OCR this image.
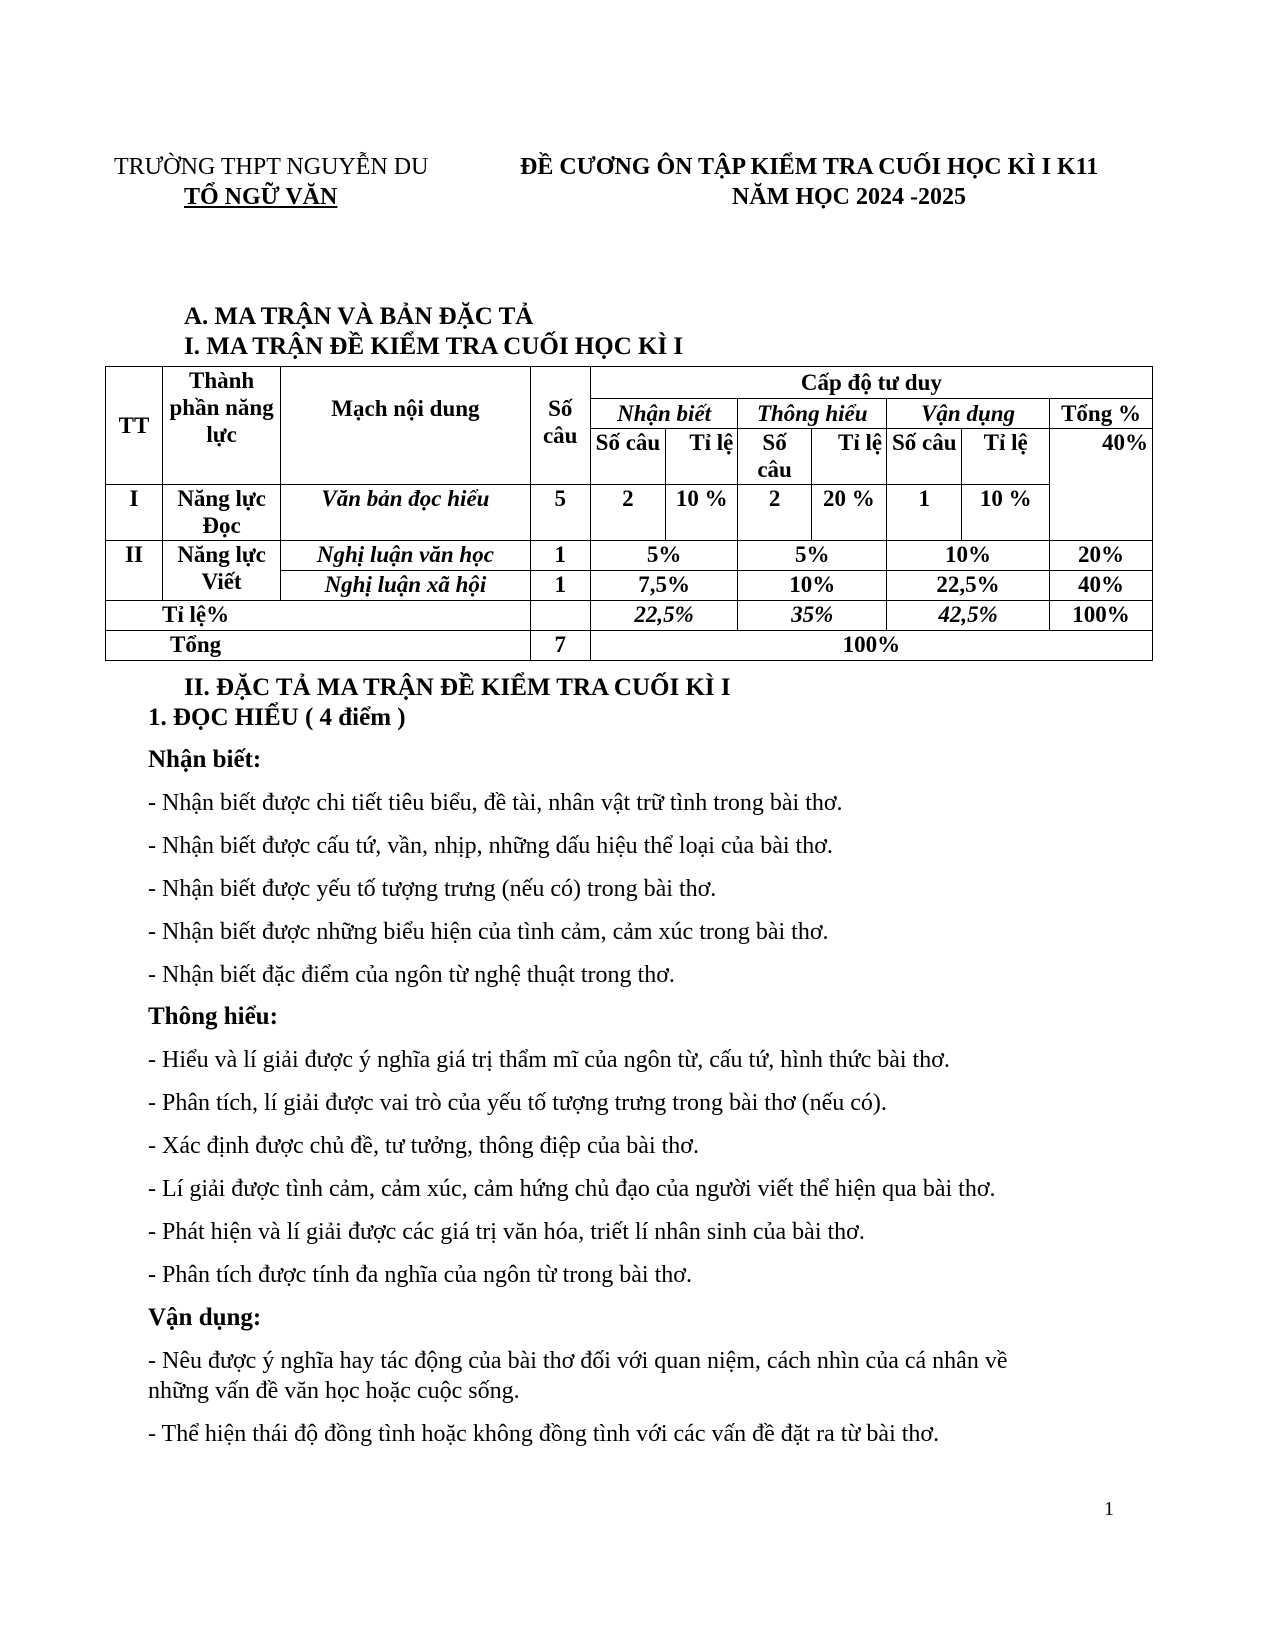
TRƯỜNG THPT NGUYỄN DU
TỔ NGỮ VĂN
ĐỀ CƯƠNG ÔN TẬP KIỂM TRA CUỐI HỌC KÌ I K11
NĂM HỌC 2024 -2025
A. MA TRẬN VÀ BẢN ĐẶC TẢ
I. MA TRẬN ĐỀ KIỂM TRA CUỐI HỌC KÌ I
TT	Thành phần năng lực	Mạch nội dung	Số câu	Cấp độ tư duy						
				Nhận biết		Thông hiểu		Vận dụng		Tổng %
				Số câu	Tỉ lệ	Số câu	Tỉ lệ	Số câu	Tỉ lệ	40%
I	Năng lực Đọc	Văn bản đọc hiểu	5	2	10 %	2	20 %	1	10 %	
II	Năng lực Viết	Nghị luận văn học	1	5%		5%		10%		20%
		Nghị luận xã hội	1	7,5%		10%		22,5%		40%
Tỉ lệ%				22,5%		35%		42,5%		100%
Tổng			7	100%						
II. ĐẶC TẢ MA TRẬN ĐỀ KIỂM TRA CUỐI KÌ I
1. ĐỌC HIỂU ( 4 điểm )
Nhận biết:
- Nhận biết được chi tiết tiêu biểu, đề tài, nhân vật trữ tình trong bài thơ.
- Nhận biết được cấu tứ, vần, nhịp, những dấu hiệu thể loại của bài thơ.
- Nhận biết được yếu tố tượng trưng (nếu có) trong bài thơ.
- Nhận biết được những biểu hiện của tình cảm, cảm xúc trong bài thơ.
- Nhận biết đặc điểm của ngôn từ nghệ thuật trong thơ.
Thông hiểu:
- Hiểu và lí giải được ý nghĩa giá trị thẩm mĩ của ngôn từ, cấu tứ, hình thức bài thơ.
- Phân tích, lí giải được vai trò của yếu tố tượng trưng trong bài thơ (nếu có).
- Xác định được chủ đề, tư tưởng, thông điệp của bài thơ.
- Lí giải được tình cảm, cảm xúc, cảm hứng chủ đạo của người viết thể hiện qua bài thơ.
- Phát hiện và lí giải được các giá trị văn hóa, triết lí nhân sinh của bài thơ.
- Phân tích được tính đa nghĩa của ngôn từ trong bài thơ.
Vận dụng:
- Nêu được ý nghĩa hay tác động của bài thơ đối với quan niệm, cách nhìn của cá nhân về
những vấn đề văn học hoặc cuộc sống.
- Thể hiện thái độ đồng tình hoặc không đồng tình với các vấn đề đặt ra từ bài thơ.
1
